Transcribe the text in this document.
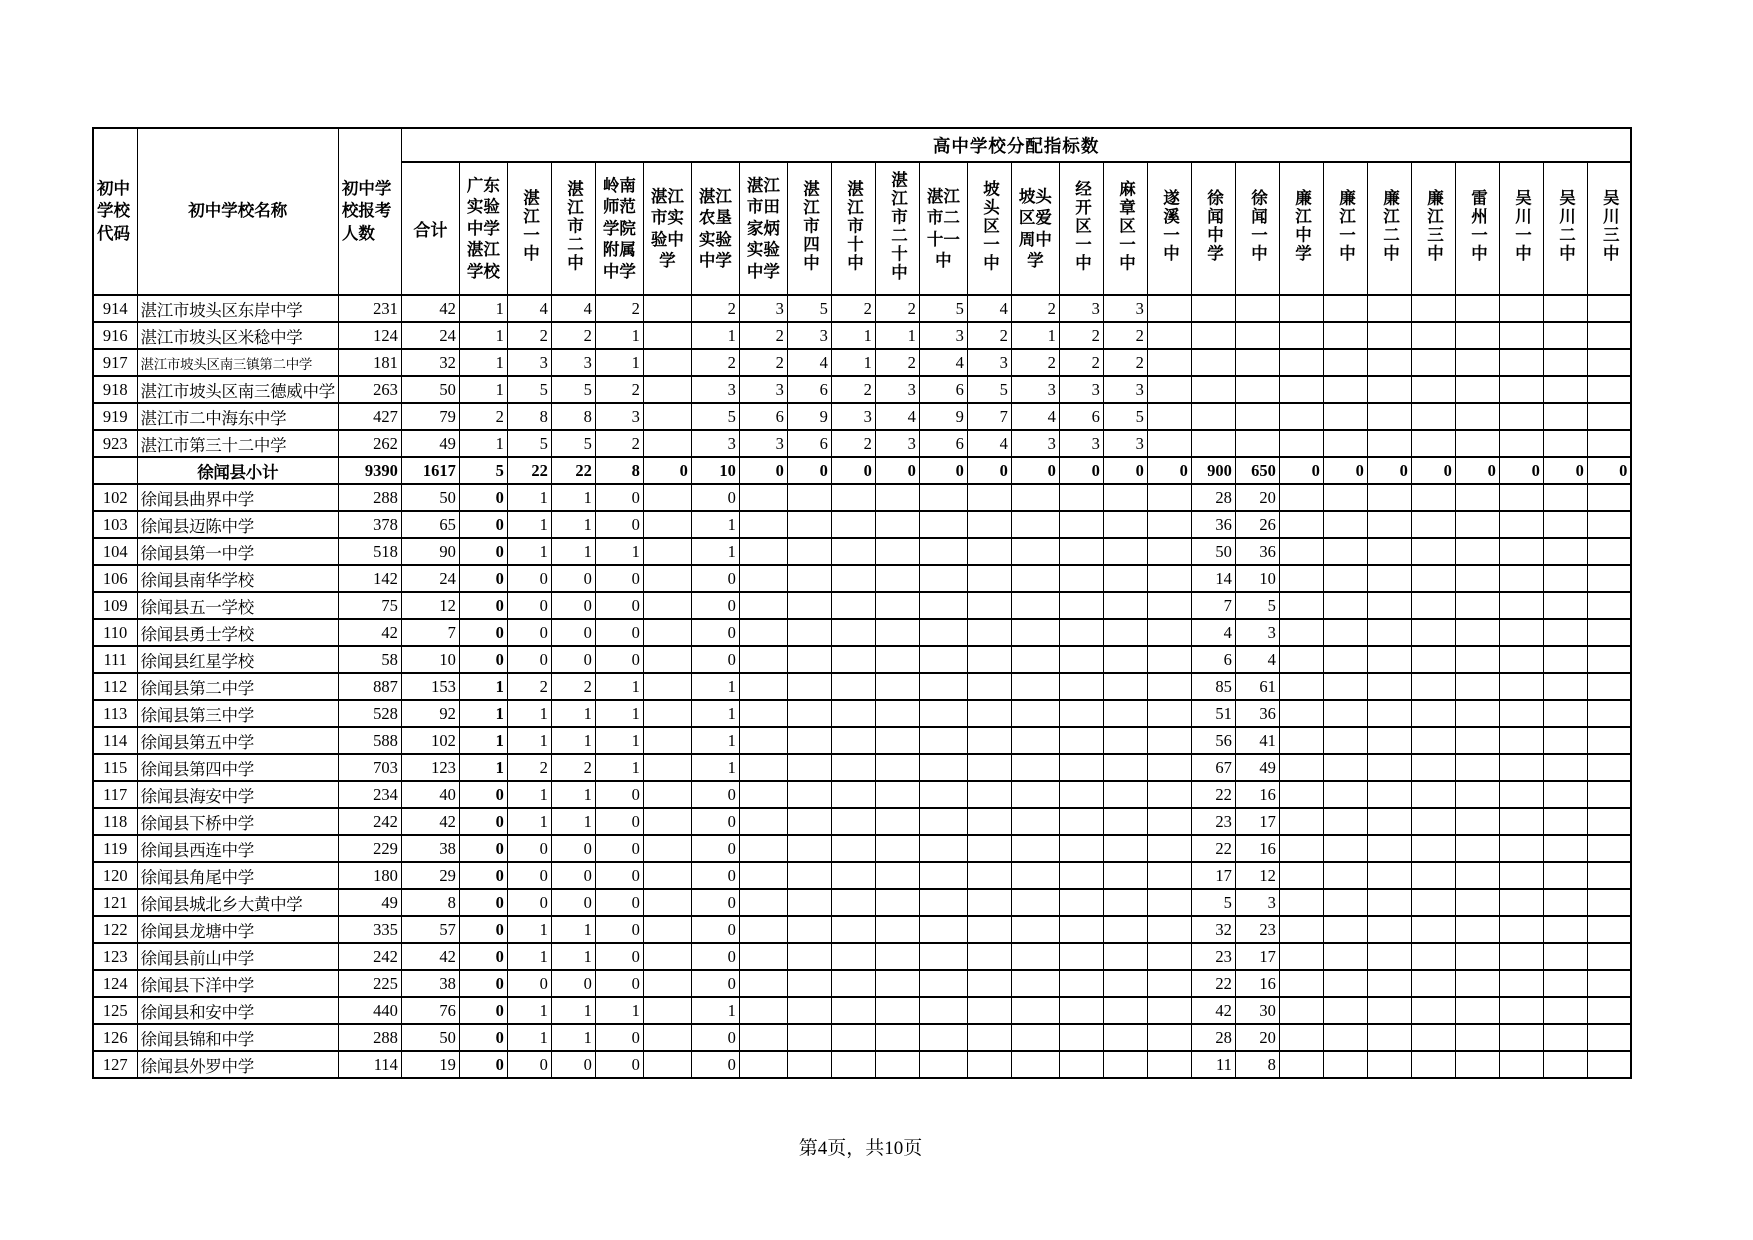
初中学校代码	初中学校名称	初中学校报考人数	高中学校分配指标数																										
			合计	广东实验中学湛江学校	湛江一中	湛江市二中	岭南师范学院附属中学	湛江市实验中学	湛江农垦实验中学	湛江市田家炳实验中学	湛江市四中	湛江市十中	湛江市二十中	湛江市二十一中	坡头区一中	坡头区爱周中学	经开区一中	麻章区一中	遂溪一中	徐闻中学	徐闻一中	廉江中学	廉江一中	廉江二中	廉江三中	雷州一中	吴川一中	吴川二中	吴川三中
914	湛江市坡头区东岸中学	231	42	1	4	4	2		2	3	5	2	2	5	4	2	3	3											
916	湛江市坡头区米稔中学	124	24	1	2	2	1		1	2	3	1	1	3	2	1	2	2											
917	湛江市坡头区南三镇第二中学	181	32	1	3	3	1		2	2	4	1	2	4	3	2	2	2											
918	湛江市坡头区南三德威中学	263	50	1	5	5	2		3	3	6	2	3	6	5	3	3	3											
919	湛江市二中海东中学	427	79	2	8	8	3		5	6	9	3	4	9	7	4	6	5											
923	湛江市第三十二中学	262	49	1	5	5	2		3	3	6	2	3	6	4	3	3	3											
	徐闻县小计	9390	1617	5	22	22	8	0	10	0	0	0	0	0	0	0	0	0	0	900	650	0	0	0	0	0	0	0	0
102	徐闻县曲界中学	288	50	0	1	1	0		0											28	20								
103	徐闻县迈陈中学	378	65	0	1	1	0		1											36	26								
104	徐闻县第一中学	518	90	0	1	1	1		1											50	36								
106	徐闻县南华学校	142	24	0	0	0	0		0											14	10								
109	徐闻县五一学校	75	12	0	0	0	0		0											7	5								
110	徐闻县勇士学校	42	7	0	0	0	0		0											4	3								
111	徐闻县红星学校	58	10	0	0	0	0		0											6	4								
112	徐闻县第二中学	887	153	1	2	2	1		1											85	61								
113	徐闻县第三中学	528	92	1	1	1	1		1											51	36								
114	徐闻县第五中学	588	102	1	1	1	1		1											56	41								
115	徐闻县第四中学	703	123	1	2	2	1		1											67	49								
117	徐闻县海安中学	234	40	0	1	1	0		0											22	16								
118	徐闻县下桥中学	242	42	0	1	1	0		0											23	17								
119	徐闻县西连中学	229	38	0	0	0	0		0											22	16								
120	徐闻县角尾中学	180	29	0	0	0	0		0											17	12								
121	徐闻县城北乡大黄中学	49	8	0	0	0	0		0											5	3								
122	徐闻县龙塘中学	335	57	0	1	1	0		0											32	23								
123	徐闻县前山中学	242	42	0	1	1	0		0											23	17								
124	徐闻县下洋中学	225	38	0	0	0	0		0											22	16								
125	徐闻县和安中学	440	76	0	1	1	1		1											42	30								
126	徐闻县锦和中学	288	50	0	1	1	0		0											28	20								
127	徐闻县外罗中学	114	19	0	0	0	0		0											11	8								
第4页，共10页
